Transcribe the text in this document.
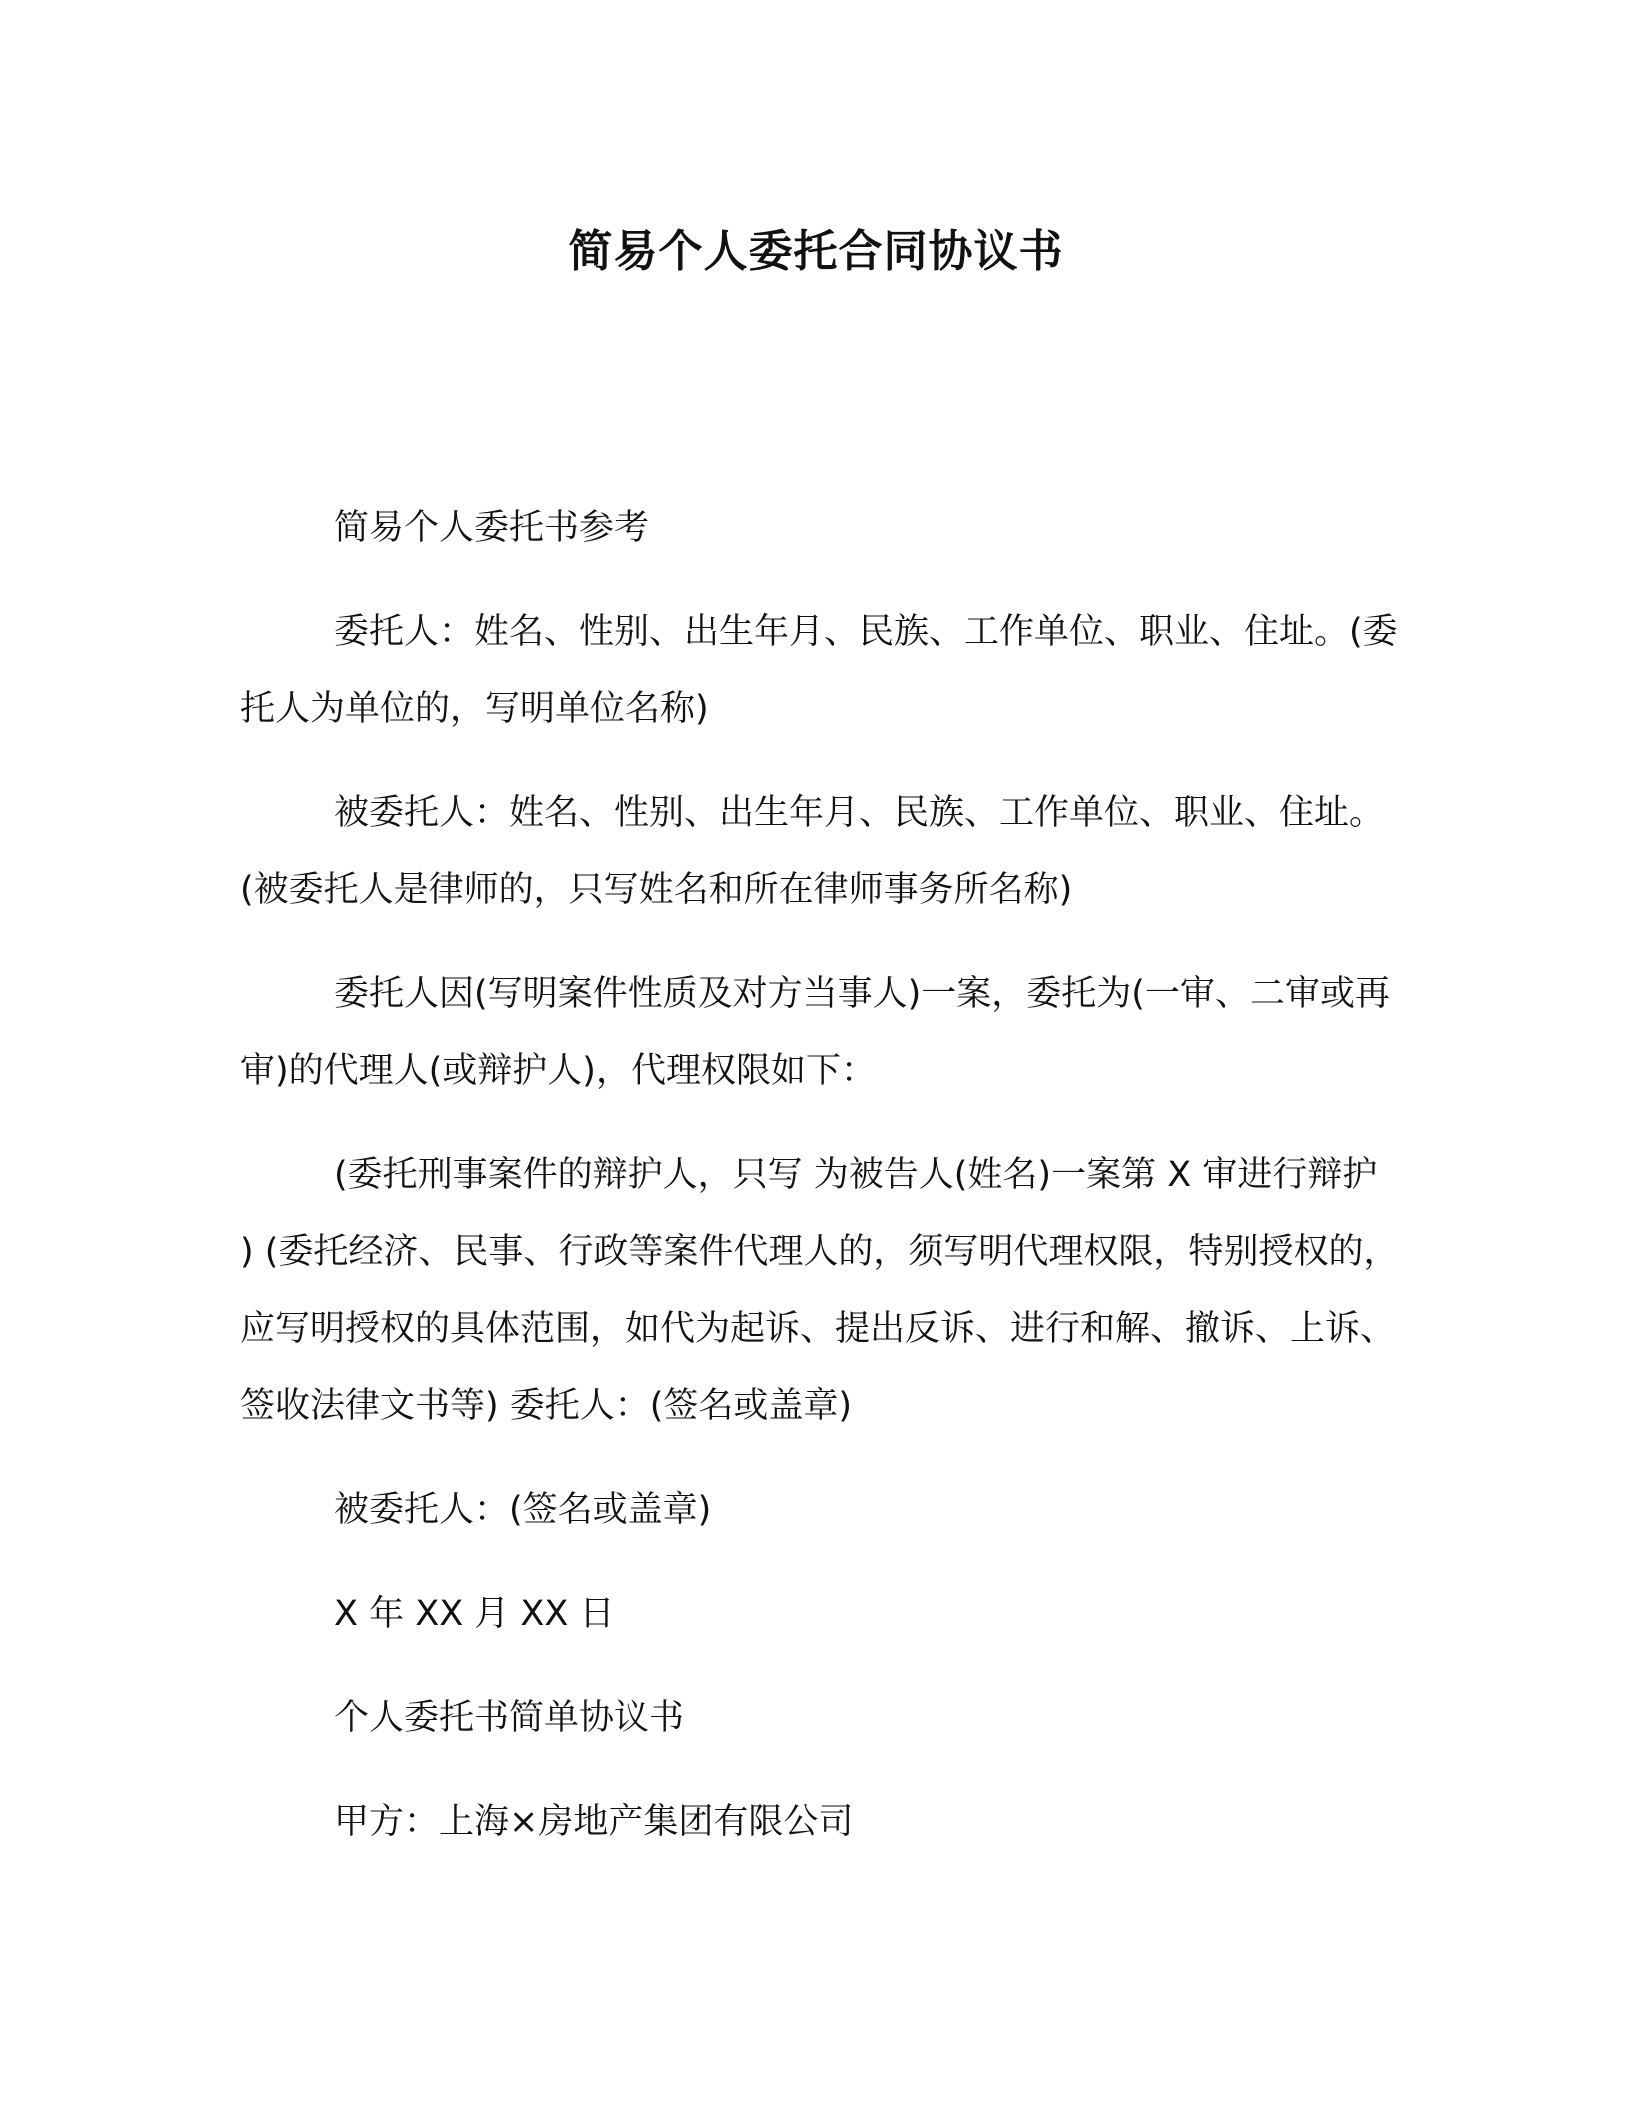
简易个人委托合同协议书

简易个人委托书参考

委托人：姓名、性别、出生年月、民族、工作单位、职业、住址。(委托人为单位的，写明单位名称)

被委托人：姓名、性别、出生年月、民族、工作单位、职业、住址。(被委托人是律师的，只写姓名和所在律师事务所名称)

委托人因(写明案件性质及对方当事人)一案，委托为(一审、二审或再审)的代理人(或辩护人)，代理权限如下：

(委托刑事案件的辩护人，只写 为被告人(姓名)一案第 X 审进行辩护 ) (委托经济、民事、行政等案件代理人的，须写明代理权限，特别授权的，应写明授权的具体范围，如代为起诉、提出反诉、进行和解、撤诉、上诉、签收法律文书等) 委托人：(签名或盖章)

被委托人：(签名或盖章)

X 年 XX 月 XX 日

个人委托书简单协议书

甲方：上海×房地产集团有限公司
